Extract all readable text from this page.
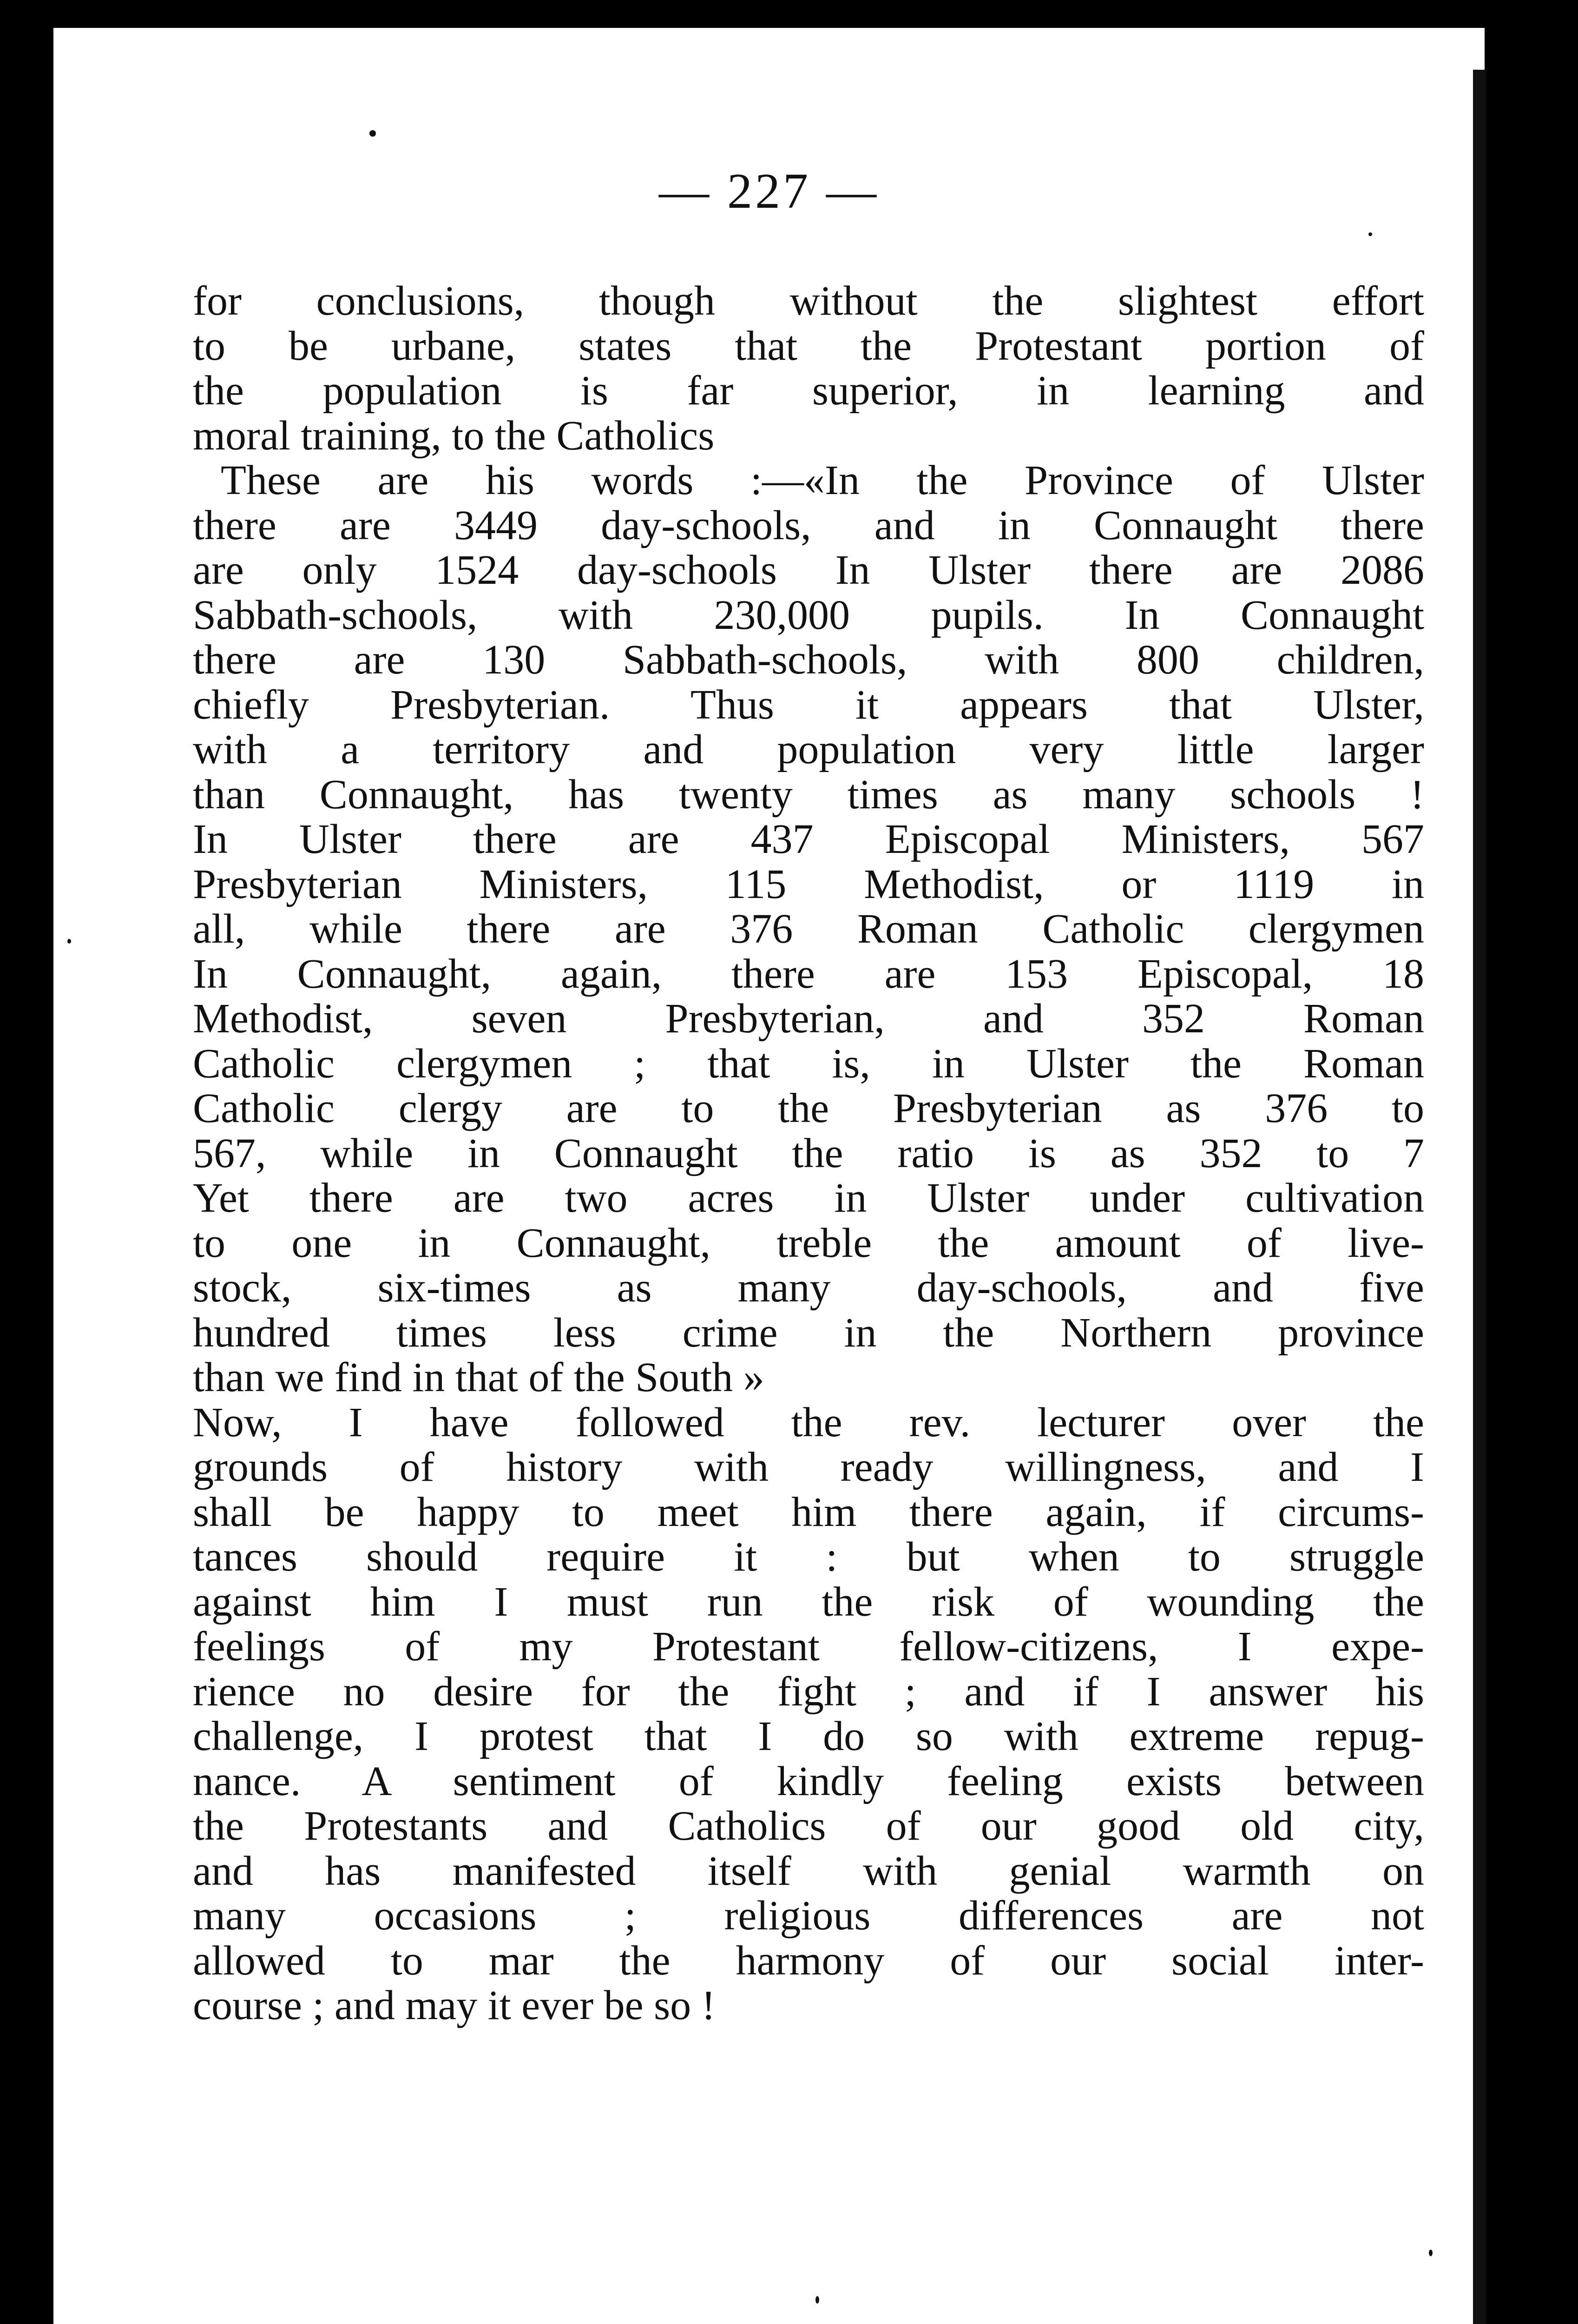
— 227 —
for conclusions, though without the slightest effort
to be urbane, states that the Protestant portion of
the population is far superior, in learning and
moral training, to the Catholics
These are his words :—«In the Province of Ulster
there are 3449 day-schools, and in Connaught there
are only 1524 day-schools In Ulster there are 2086
Sabbath-schools, with 230,000 pupils. In Connaught
there are 130 Sabbath-schools, with 800 children,
chiefly Presbyterian. Thus it appears that Ulster,
with a territory and population very little larger
than Connaught, has twenty times as many schools !
In Ulster there are 437 Episcopal Ministers, 567
Presbyterian Ministers, 115 Methodist, or 1119 in
all, while there are 376 Roman Catholic clergymen
In Connaught, again, there are 153 Episcopal, 18
Methodist, seven Presbyterian, and 352 Roman
Catholic clergymen ; that is, in Ulster the Roman
Catholic clergy are to the Presbyterian as 376 to
567, while in Connaught the ratio is as 352 to 7
Yet there are two acres in Ulster under cultivation
to one in Connaught, treble the amount of live-
stock, six-times as many day-schools, and five
hundred times less crime in the Northern province
than we find in that of the South »
Now, I have followed the rev. lecturer over the
grounds of history with ready willingness, and I
shall be happy to meet him there again, if circums-
tances should require it : but when to struggle
against him I must run the risk of wounding the
feelings of my Protestant fellow-citizens, I expe-
rience no desire for the fight ; and if I answer his
challenge, I protest that I do so with extreme repug-
nance. A sentiment of kindly feeling exists between
the Protestants and Catholics of our good old city,
and has manifested itself with genial warmth on
many occasions ; religious differences are not
allowed to mar the harmony of our social inter-
course ; and may it ever be so !
